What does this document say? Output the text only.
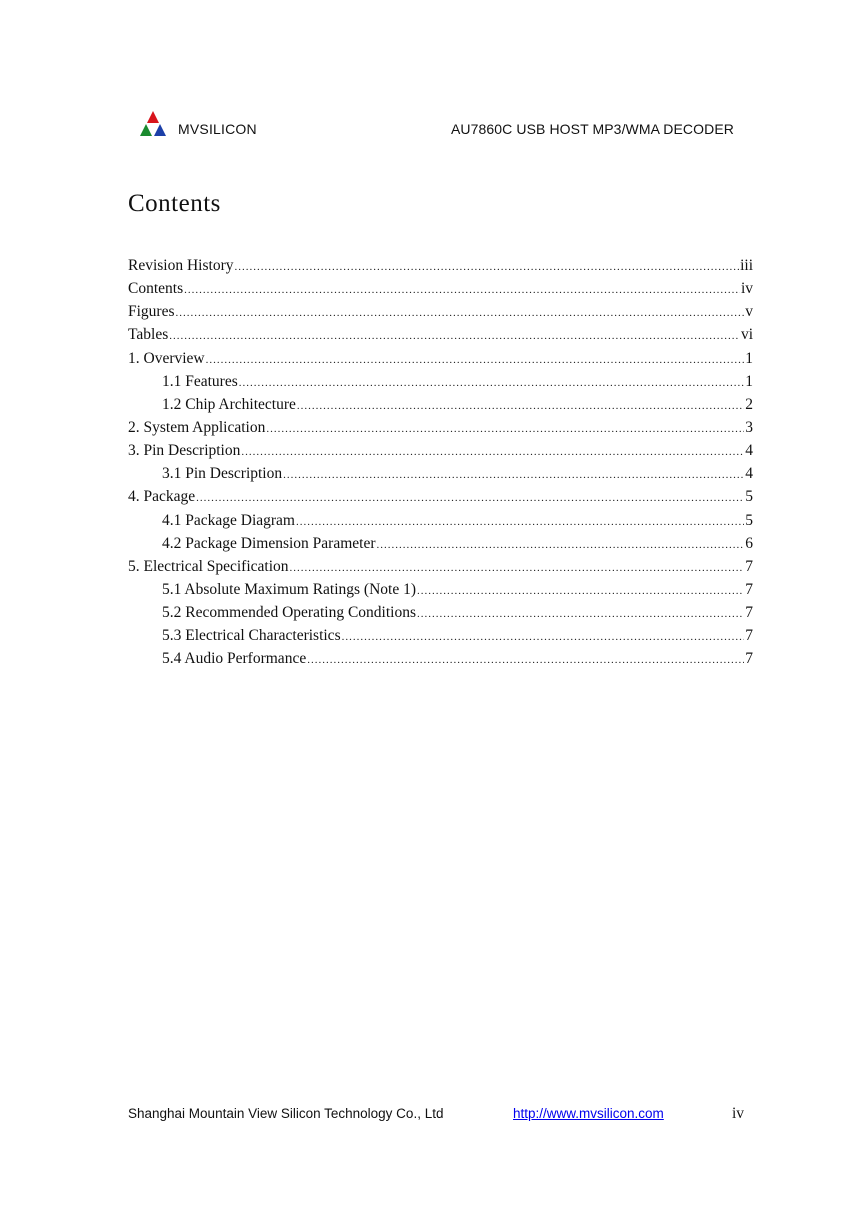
MVSILICON	AU7860C USB HOST MP3/WMA DECODER
Contents
Revision History .....	iii
Contents .....	iv
Figures .....	v
Tables .....	vi
1. Overview .....	1
1.1 Features .....	1
1.2 Chip Architecture .....	2
2. System Application .....	3
3. Pin Description .....	4
3.1 Pin Description .....	4
4. Package .....	5
4.1 Package Diagram .....	5
4.2 Package Dimension Parameter .....	6
5. Electrical Specification .....	7
5.1 Absolute Maximum Ratings (Note 1) .....	7
5.2 Recommended Operating Conditions .....	7
5.3 Electrical Characteristics .....	7
5.4 Audio Performance .....	7
Shanghai Mountain View Silicon Technology Co., Ltd	http://www.mvsilicon.com	iv
